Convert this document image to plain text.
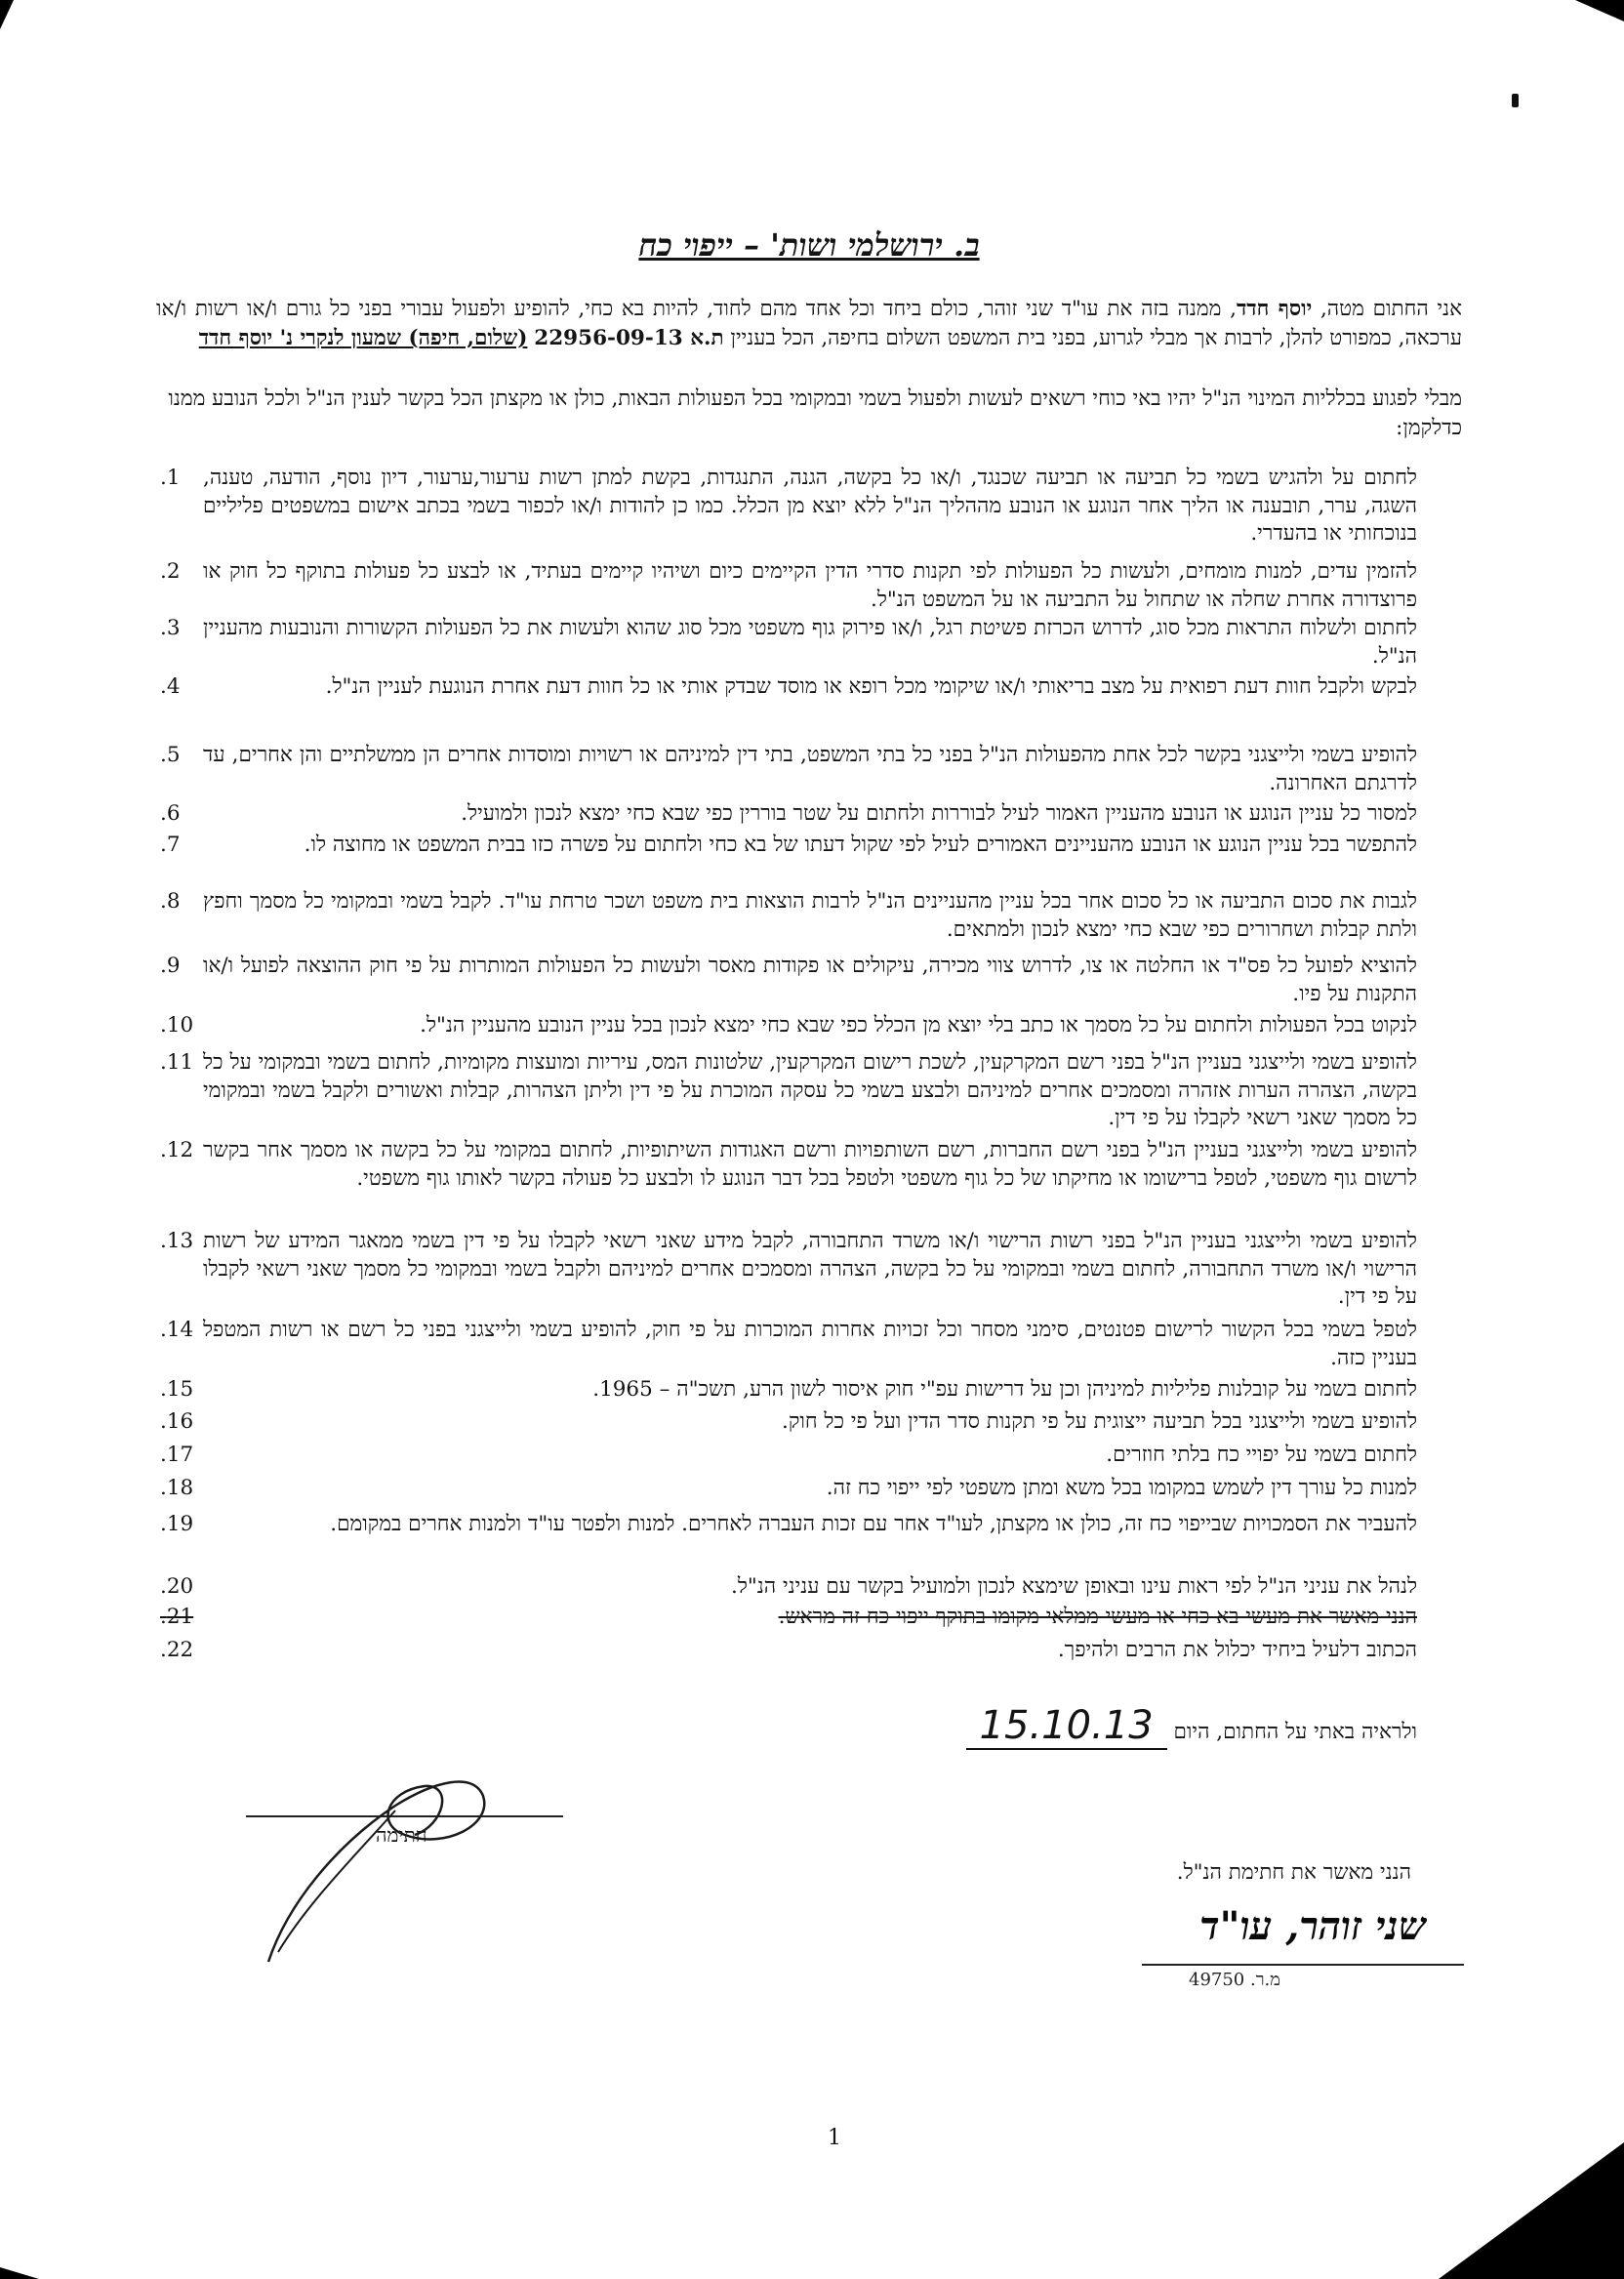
ב. ירושלמי ושות' – ייפוי כח
אני החתום מטה, יוסף חדד, ממנה בזה את עו"ד שני זוהר, כולם ביחד וכל אחד מהם לחוד, להיות בא כחי, להופיע ולפעול עבורי בפני כל גורם ו/או רשות ו/או ערכאה, כמפורט להלן, לרבות אך מבלי לגרוע, בפני בית המשפט השלום בחיפה, הכל בעניין ת.א 22956-09-13 (שלום, חיפה) שמעון לנקרי נ' יוסף חדד
מבלי לפגוע בכלליות המינוי הנ"ל יהיו באי כוחי רשאים לעשות ולפעול בשמי ובמקומי בכל הפעולות הבאות, כולן או מקצתן הכל בקשר לענין הנ"ל ולכל הנובע ממנו כדלקמן:
לחתום על ולהגיש בשמי כל תביעה או תביעה שכנגד, ו/או כל בקשה, הגנה, התנגדות, בקשת למתן רשות ערעור,ערעור, דיון נוסף, הודעה, טענה, השגה, ערר, תובענה או הליך אחר הנוגע או הנובע מההליך הנ"ל ללא יוצא מן הכלל. כמו כן להודות ו/או לכפור בשמי בכתב אישום במשפטים פליליים בנוכחותי או בהעדרי.
1.
להזמין עדים, למנות מומחים, ולעשות כל הפעולות לפי תקנות סדרי הדין הקיימים כיום ושיהיו קיימים בעתיד, או לבצע כל פעולות בתוקף כל חוק או פרוצדורה אחרת שחלה או שתחול על התביעה או על המשפט הנ"ל.
2.
לחתום ולשלוח התראות מכל סוג, לדרוש הכרזת פשיטת רגל, ו/או פירוק גוף משפטי מכל סוג שהוא ולעשות את כל הפעולות הקשורות והנובעות מהעניין הנ"ל.
3.
לבקש ולקבל חוות דעת רפואית על מצב בריאותי ו/או שיקומי מכל רופא או מוסד שבדק אותי או כל חוות דעת אחרת הנוגעת לעניין הנ"ל.
4.
להופיע בשמי ולייצגני בקשר לכל אחת מהפעולות הנ"ל בפני כל בתי המשפט, בתי דין למיניהם או רשויות ומוסדות אחרים הן ממשלתיים והן אחרים, עד לדרגתם האחרונה.
5.
למסור כל עניין הנוגע או הנובע מהעניין האמור לעיל לבוררות ולחתום על שטר בוררין כפי שבא כחי ימצא לנכון ולמועיל.
6.
להתפשר בכל עניין הנוגע או הנובע מהעניינים האמורים לעיל לפי שקול דעתו של בא כחי ולחתום על פשרה כזו בבית המשפט או מחוצה לו.
7.
לגבות את סכום התביעה או כל סכום אחר בכל עניין מהעניינים הנ"ל לרבות הוצאות בית משפט ושכר טרחת עו"ד. לקבל בשמי ובמקומי כל מסמך וחפץ ולתת קבלות ושחרורים כפי שבא כחי ימצא לנכון ולמתאים.
8.
להוציא לפועל כל פס"ד או החלטה או צו, לדרוש צווי מכירה, עיקולים או פקודות מאסר ולעשות כל הפעולות המותרות על פי חוק ההוצאה לפועל ו/או התקנות על פיו.
9.
לנקוט בכל הפעולות ולחתום על כל מסמך או כתב בלי יוצא מן הכלל כפי שבא כחי ימצא לנכון בכל עניין הנובע מהעניין הנ"ל.
10.
להופיע בשמי ולייצגני בעניין הנ"ל בפני רשם המקרקעין, לשכת רישום המקרקעין, שלטונות המס, עיריות ומועצות מקומיות, לחתום בשמי ובמקומי על כל בקשה, הצהרה הערות אזהרה ומסמכים אחרים למיניהם ולבצע בשמי כל עסקה המוכרת על פי דין וליתן הצהרות, קבלות ואשורים ולקבל בשמי ובמקומי כל מסמך שאני רשאי לקבלו על פי דין.
11.
להופיע בשמי ולייצגני בעניין הנ"ל בפני רשם החברות, רשם השותפויות ורשם האגודות השיתופיות, לחתום במקומי על כל בקשה או מסמך אחר בקשר לרשום גוף משפטי, לטפל ברישומו או מחיקתו של כל גוף משפטי ולטפל בכל דבר הנוגע לו ולבצע כל פעולה בקשר לאותו גוף משפטי.
12.
להופיע בשמי ולייצגני בעניין הנ"ל בפני רשות הרישוי ו/או משרד התחבורה, לקבל מידע שאני רשאי לקבלו על פי דין בשמי ממאגר המידע של רשות הרישוי ו/או משרד התחבורה, לחתום בשמי ובמקומי על כל בקשה, הצהרה ומסמכים אחרים למיניהם ולקבל בשמי ובמקומי כל מסמך שאני רשאי לקבלו על פי דין.
13.
לטפל בשמי בכל הקשור לרישום פטנטים, סימני מסחר וכל זכויות אחרות המוכרות על פי חוק, להופיע בשמי ולייצגני בפני כל רשם או רשות המטפל בעניין כזה.
14.
לחתום בשמי על קובלנות פליליות למיניהן וכן על דרישות עפ"י חוק איסור לשון הרע, תשכ"ה – 1965.
15.
להופיע בשמי ולייצגני בכל תביעה ייצוגית על פי תקנות סדר הדין ועל פי כל חוק.
16.
לחתום בשמי על יפויי כח בלתי חוזרים.
17.
למנות כל עורך דין לשמש במקומו בכל משא ומתן משפטי לפי ייפוי כח זה.
18.
להעביר את הסמכויות שבייפוי כח זה, כולן או מקצתן, לעו"ד אחר עם זכות העברה לאחרים. למנות ולפטר עו"ד ולמנות אחרים במקומם.
19.
לנהל את עניני הנ"ל לפי ראות עינו ובאופן שימצא לנכון ולמועיל בקשר עם עניני הנ"ל.
20.
הנני מאשר את מעשי בא כחי או מעשי ממלאי מקומו בתוקף ייפוי כח זה מראש.
21.
הכתוב דלעיל ביחיד יכלול את הרבים ולהיפך.
22.
ולראיה באתי על החתום, היום 15.10.13
חתימה
הנני מאשר את חתימת הנ"ל.
שני זוהר, עו"ד
מ.ר. 49750
1
